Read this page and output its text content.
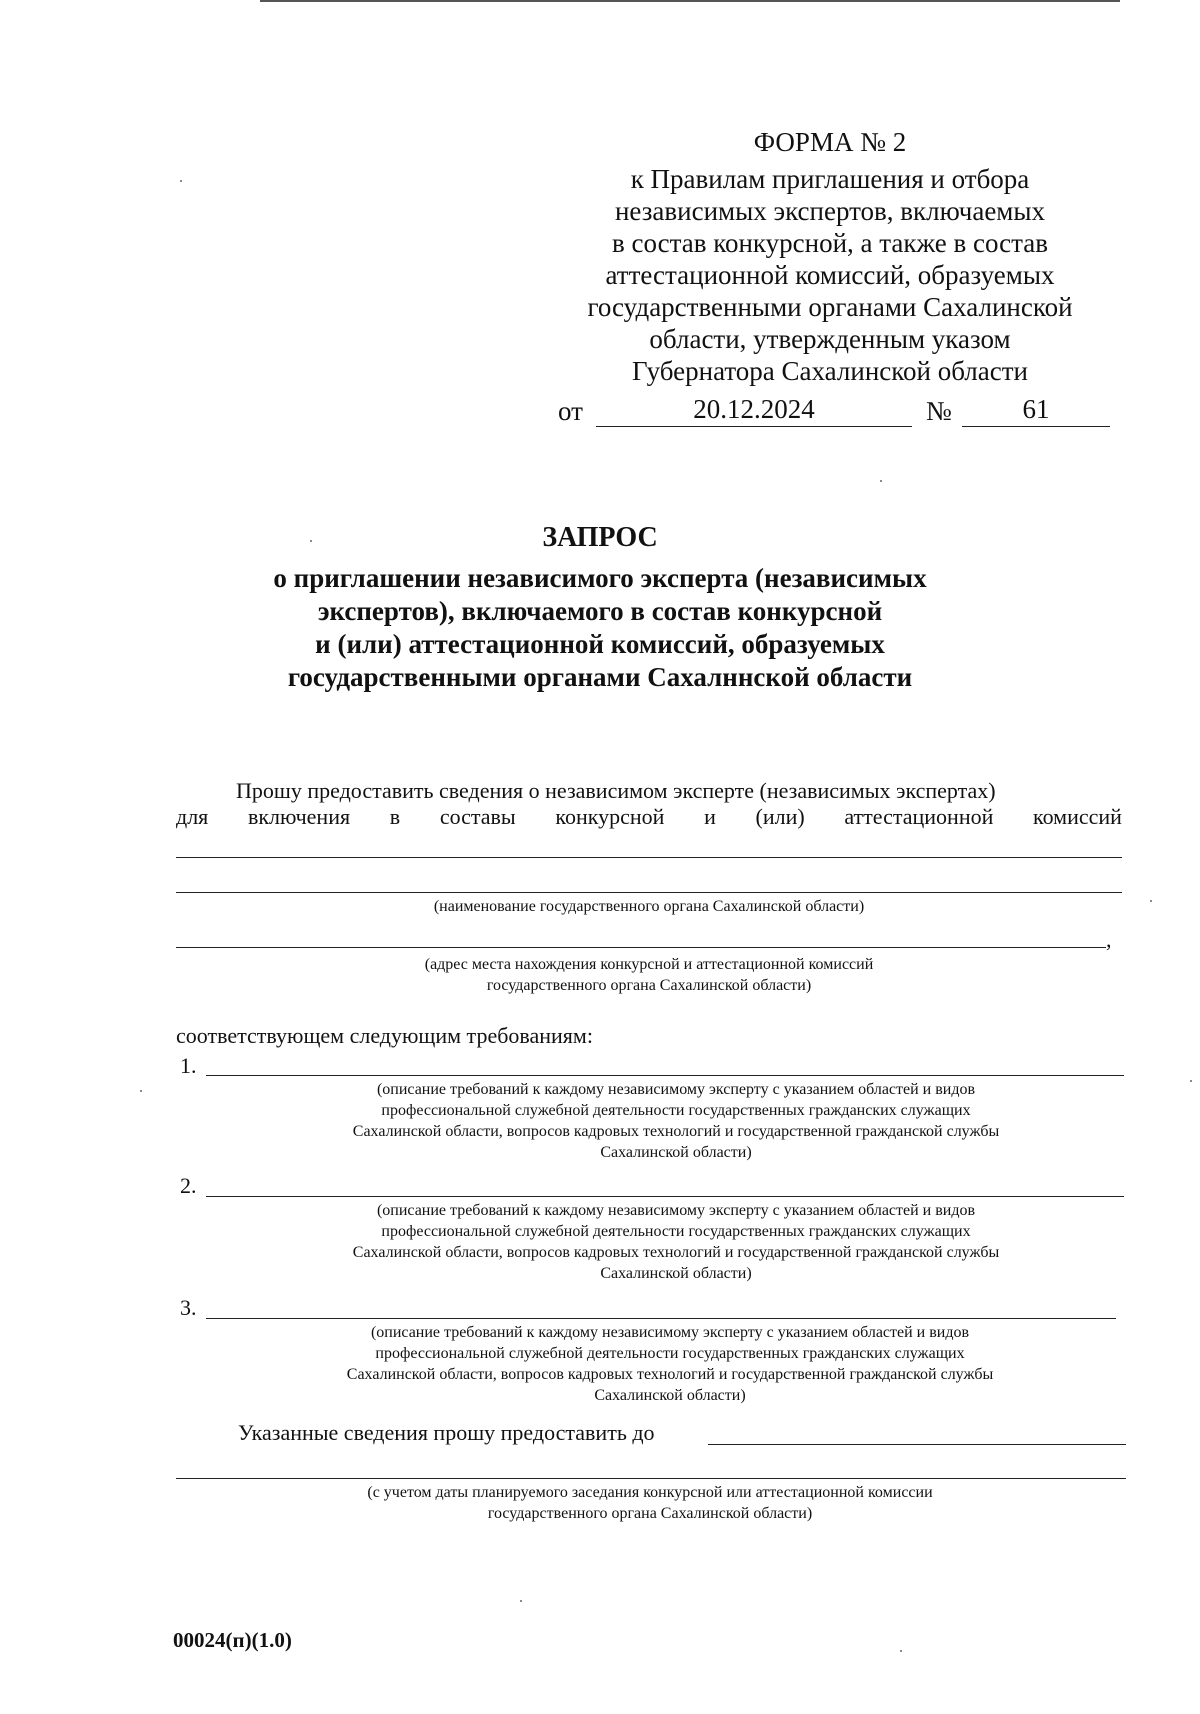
ФОРМА № 2
к Правилам приглашения и отбора
независимых экспертов, включаемых
в состав конкурсной, а также в состав
аттестационной комиссий, образуемых
государственными органами Сахалинской
области, утвержденным указом
Губернатора Сахалинской области
от	20.12.2024	№	61
ЗАПРОС
о приглашении независимого эксперта (независимых
экспертов), включаемого в состав конкурсной
и (или) аттестационной комиссий, образуемых
государственными органами Сахалннской области
Прошу предоставить сведения о независимом эксперте (независимых экспертах)
для включения в составы конкурсной и (или) аттестационной комиссий
(наименование государственного органа Сахалинской области)
,
(адрес места нахождения конкурсной и аттестационной комиссий
государственного органа Сахалинской области)
соответствующем следующим требованиям:
1.
(описание требований к каждому независимому эксперту с указанием областей и видов
профессиональной служебной деятельности государственных гражданских служащих
Сахалинской области, вопросов кадровых технологий и государственной гражданской службы
Сахалинской области)
2.
(описание требований к каждому независимому эксперту с указанием областей и видов
профессиональной служебной деятельности государственных гражданских служащих
Сахалинской области, вопросов кадровых технологий и государственной гражданской службы
Сахалинской области)
3.
(описание требований к каждому независимому эксперту с указанием областей и видов
профессиональной служебной деятельности государственных гражданских служащих
Сахалинской области, вопросов кадровых технологий и государственной гражданской службы
Сахалинской области)
Указанные сведения прошу предоставить до
(с учетом даты планируемого заседания конкурсной или аттестационной комиссии
государственного органа Сахалинской области)
00024(п)(1.0)
